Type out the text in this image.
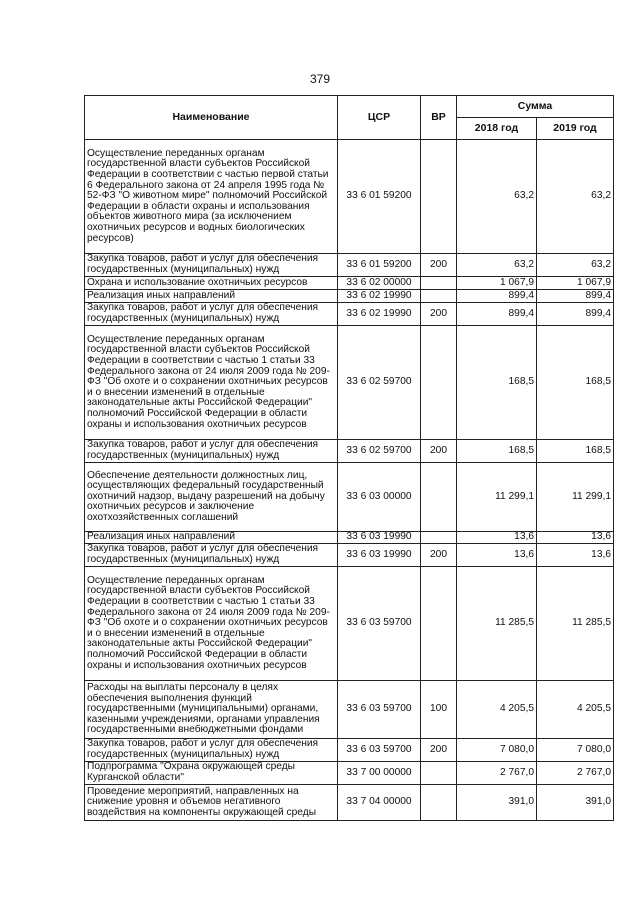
379
Наименование	ЦСР	ВР	Сумма	
			2018 год	2019 год
Осуществление переданных органам государственной власти субъектов Российской Федерации в соответствии с частью первой статьи 6 Федерального закона от 24 апреля 1995 года № 52-ФЗ "О животном мире" полномочий Российской Федерации в области охраны и использования объектов животного мира (за исключением охотничьих ресурсов и водных биологических ресурсов)	33 6 01 59200		63,2	63,2
Закупка товаров, работ и услуг для обеспечения государственных (муниципальных) нужд	33 6 01 59200	200	63,2	63,2
Охрана и использование охотничьих ресурсов	33 6 02 00000		1 067,9	1 067,9
Реализация иных направлений	33 6 02 19990		899,4	899,4
Закупка товаров, работ и услуг для обеспечения государственных (муниципальных) нужд	33 6 02 19990	200	899,4	899,4
Осуществление переданных органам государственной власти субъектов Российской Федерации в соответствии с частью 1 статьи 33 Федерального закона от 24 июля 2009 года № 209-ФЗ "Об охоте и о сохранении охотничьих ресурсов и о внесении изменений в отдельные законодательные акты Российской Федерации" полномочий Российской Федерации в области охраны и использования охотничьих ресурсов	33 6 02 59700		168,5	168,5
Закупка товаров, работ и услуг для обеспечения государственных (муниципальных) нужд	33 6 02 59700	200	168,5	168,5
Обеспечение деятельности должностных лиц, осуществляющих федеральный государственный охотничий надзор, выдачу разрешений на добычу охотничьих ресурсов и заключение охотхозяйственных соглашений	33 6 03 00000		11 299,1	11 299,1
Реализация иных направлений	33 6 03 19990		13,6	13,6
Закупка товаров, работ и услуг для обеспечения государственных (муниципальных) нужд	33 6 03 19990	200	13,6	13,6
Осуществление переданных органам государственной власти субъектов Российской Федерации в соответствии с частью 1 статьи 33 Федерального закона от 24 июля 2009 года № 209-ФЗ "Об охоте и о сохранении охотничьих ресурсов и о внесении изменений в отдельные законодательные акты Российской Федерации" полномочий Российской Федерации в области охраны и использования охотничьих ресурсов	33 6 03 59700		11 285,5	11 285,5
Расходы на выплаты персоналу в целях обеспечения выполнения функций государственными (муниципальными) органами, казенными учреждениями, органами управления государственными внебюджетными фондами	33 6 03 59700	100	4 205,5	4 205,5
Закупка товаров, работ и услуг для обеспечения государственных (муниципальных) нужд	33 6 03 59700	200	7 080,0	7 080,0
Подпрограмма "Охрана окружающей среды Курганской области"	33 7 00 00000		2 767,0	2 767,0
Проведение мероприятий, направленных на снижение уровня и объемов негативного воздействия на компоненты окружающей среды	33 7 04 00000		391,0	391,0
